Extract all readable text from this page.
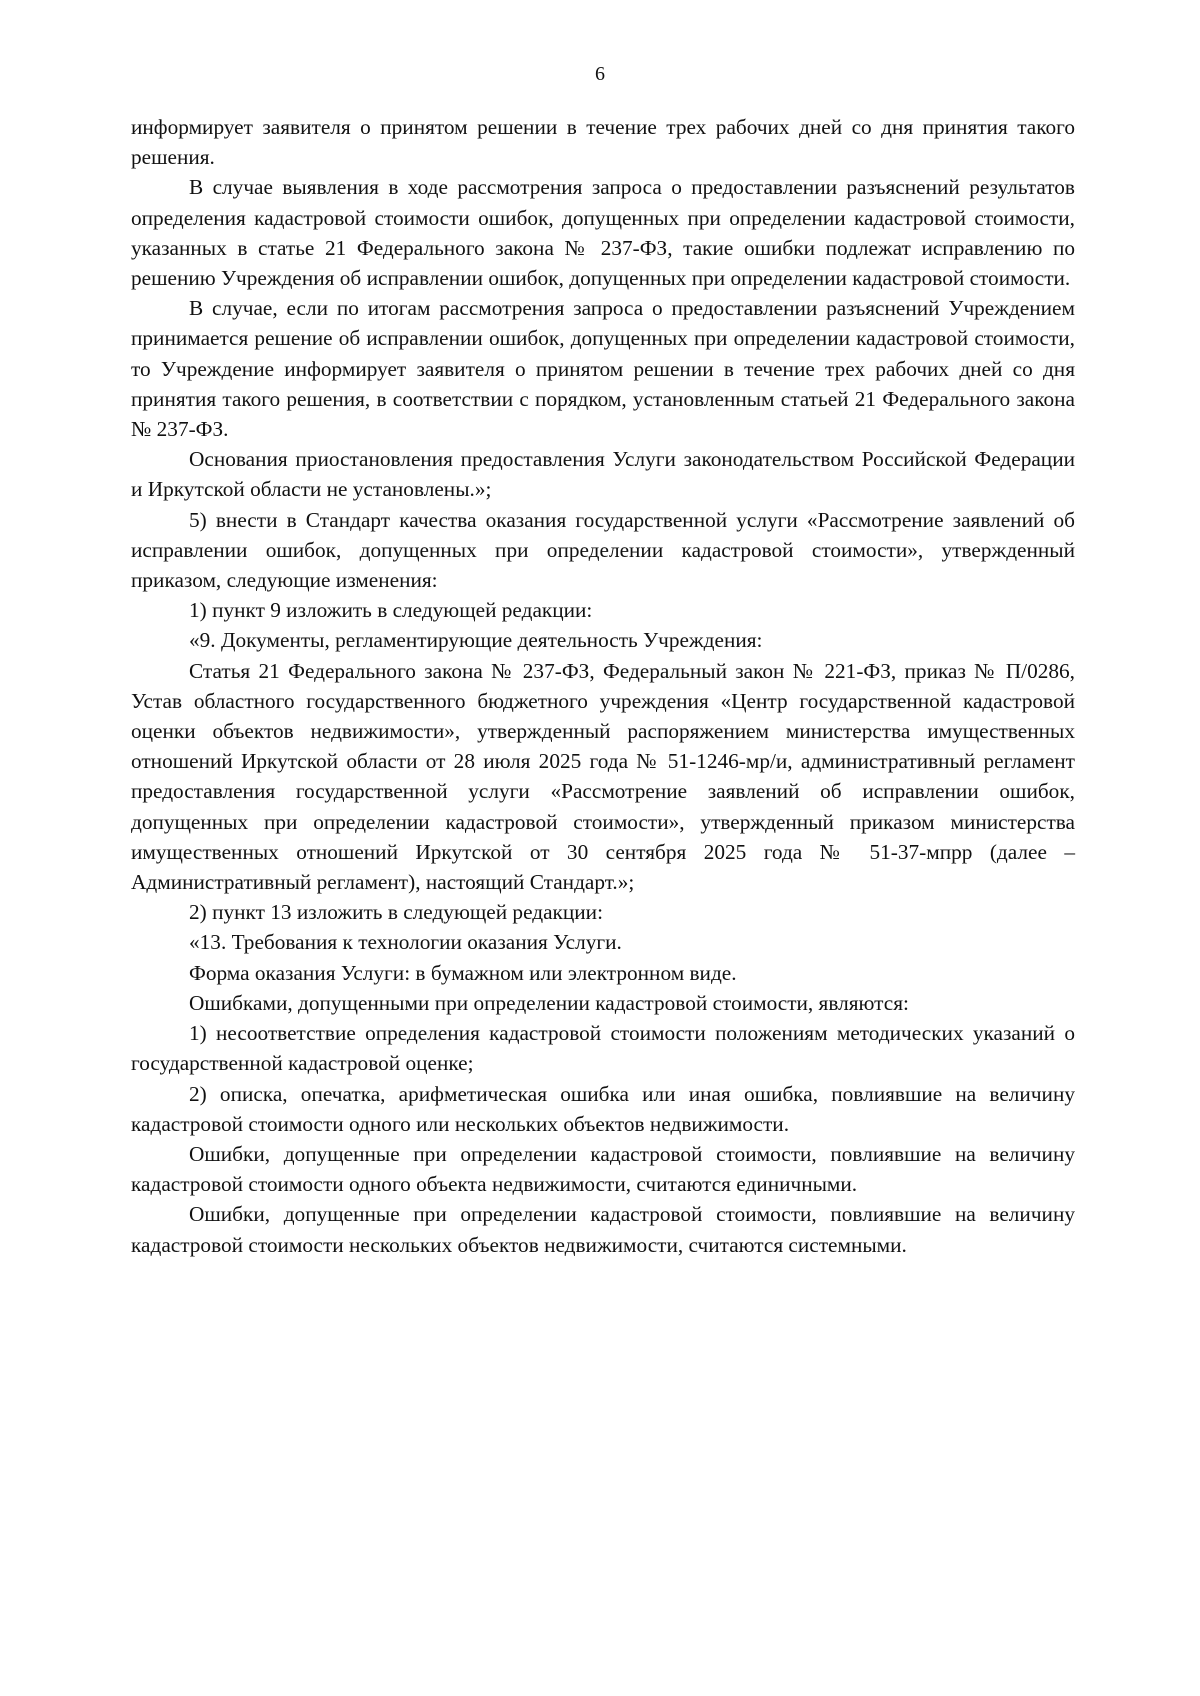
6

информирует заявителя о принятом решении в течение трех рабочих дней со дня принятия такого решения.

В случае выявления в ходе рассмотрения запроса о предоставлении разъяснений результатов определения кадастровой стоимости ошибок, допущенных при определении кадастровой стоимости, указанных в статье 21 Федерального закона № 237-ФЗ, такие ошибки подлежат исправлению по решению Учреждения об исправлении ошибок, допущенных при определении кадастровой стоимости.

В случае, если по итогам рассмотрения запроса о предоставлении разъяснений Учреждением принимается решение об исправлении ошибок, допущенных при определении кадастровой стоимости, то Учреждение информирует заявителя о принятом решении в течение трех рабочих дней со дня принятия такого решения, в соответствии с порядком, установленным статьей 21 Федерального закона № 237-ФЗ.

Основания приостановления предоставления Услуги законодательством Российской Федерации и Иркутской области не установлены.»;

5) внести в Стандарт качества оказания государственной услуги «Рассмотрение заявлений об исправлении ошибок, допущенных при определении кадастровой стоимости», утвержденный приказом, следующие изменения:

1) пункт 9 изложить в следующей редакции:

«9. Документы, регламентирующие деятельность Учреждения:

Статья 21 Федерального закона № 237-ФЗ, Федеральный закон № 221-ФЗ, приказ № П/0286, Устав областного государственного бюджетного учреждения «Центр государственной кадастровой оценки объектов недвижимости», утвержденный распоряжением министерства имущественных отношений Иркутской области от 28 июля 2025 года № 51-1246-мр/и, административный регламент предоставления государственной услуги «Рассмотрение заявлений об исправлении ошибок, допущенных при определении кадастровой стоимости», утвержденный приказом министерства имущественных отношений Иркутской от 30 сентября 2025 года № 51-37-мпрр (далее – Административный регламент), настоящий Стандарт.»;

2) пункт 13 изложить в следующей редакции:

«13. Требования к технологии оказания Услуги.

Форма оказания Услуги: в бумажном или электронном виде.

Ошибками, допущенными при определении кадастровой стоимости, являются:

1) несоответствие определения кадастровой стоимости положениям методических указаний о государственной кадастровой оценке;

2) описка, опечатка, арифметическая ошибка или иная ошибка, повлиявшие на величину кадастровой стоимости одного или нескольких объектов недвижимости.

Ошибки, допущенные при определении кадастровой стоимости, повлиявшие на величину кадастровой стоимости одного объекта недвижимости, считаются единичными.

Ошибки, допущенные при определении кадастровой стоимости, повлиявшие на величину кадастровой стоимости нескольких объектов недвижимости, считаются системными.
